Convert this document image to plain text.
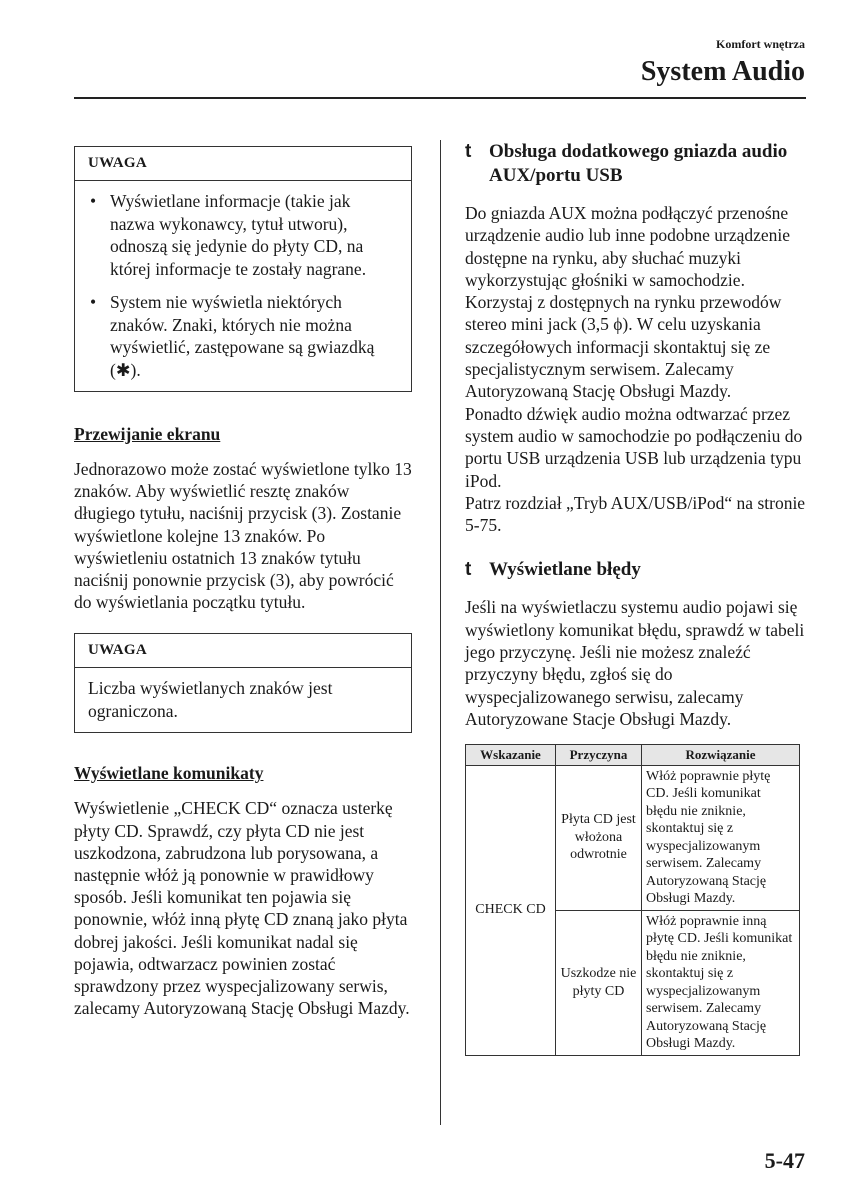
Komfort wnętrza
System Audio
UWAGA
• Wyświetlane informacje (takie jak nazwa wykonawcy, tytuł utworu), odnoszą się jedynie do płyty CD, na której informacje te zostały nagrane.
• System nie wyświetla niektórych znaków. Znaki, których nie można wyświetlić, zastępowane są gwiazdką (✱).
Przewijanie ekranu

Jednorazowo może zostać wyświetlone tylko 13 znaków. Aby wyświetlić resztę znaków długiego tytułu, naciśnij przycisk (3). Zostanie wyświetlone kolejne 13 znaków. Po wyświetleniu ostatnich 13 znaków tytułu naciśnij ponownie przycisk (3), aby powrócić do wyświetlania początku tytułu.

UWAGA
Liczba wyświetlanych znaków jest ograniczona.
Wyświetlane komunikaty

Wyświetlenie „CHECK CD“ oznacza usterkę płyty CD. Sprawdź, czy płyta CD nie jest uszkodzona, zabrudzona lub porysowana, a następnie włóż ją ponownie w prawidłowy sposób. Jeśli komunikat ten pojawia się ponownie, włóż inną płytę CD znaną jako płyta dobrej jakości. Jeśli komunikat nadal się pojawia, odtwarzacz powinien zostać sprawdzony przez wyspecjalizowany serwis, zalecamy Autoryzowaną Stację Obsługi Mazdy.

t Obsługa dodatkowego gniazda audio AUX/portu USB
Do gniazda AUX można podłączyć przenośne urządzenie audio lub inne podobne urządzenie dostępne na rynku, aby słuchać muzyki wykorzystując głośniki w samochodzie.
Korzystaj z dostępnych na rynku przewodów stereo mini jack (3,5 ϕ). W celu uzyskania szczegółowych informacji skontaktuj się ze specjalistycznym serwisem. Zalecamy Autoryzowaną Stację Obsługi Mazdy.
Ponadto dźwięk audio można odtwarzać przez system audio w samochodzie po podłączeniu do portu USB urządzenia USB lub urządzenia typu iPod.
Patrz rozdział „Tryb AUX/USB/iPod“ na stronie 5-75.
t Wyświetlane błędy

Jeśli na wyświetlaczu systemu audio pojawi się wyświetlony komunikat błędu, sprawdź w tabeli jego przyczynę. Jeśli nie możesz znaleźć przyczyny błędu, zgłoś się do wyspecjalizowanego serwisu, zalecamy Autoryzowane Stacje Obsługi Mazdy.

Wskazanie	Przyczyna	Rozwiązanie
CHECK CD	Płyta CD jest włożona odwrotnie	Włóż poprawnie płytę CD. Jeśli komunikat błędu nie zniknie, skontaktuj się z wyspecjalizowanym serwisem. Zalecamy Autoryzowaną Stację Obsługi Mazdy.
	Uszkodze nie płyty CD	Włóż poprawnie inną płytę CD. Jeśli komunikat błędu nie zniknie, skontaktuj się z wyspecjalizowanym serwisem. Zalecamy Autoryzowaną Stację Obsługi Mazdy.
5-47
